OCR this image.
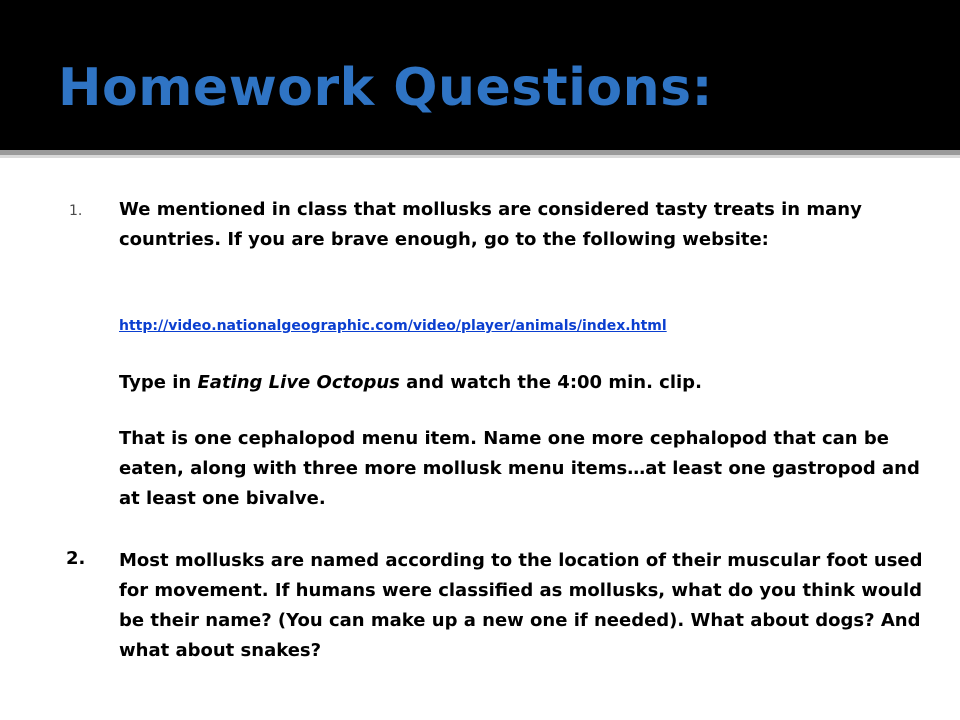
Homework Questions:
1. We mentioned in class that mollusks are considered tasty treats in many countries. If you are brave enough, go to the following website:

http://video.nationalgeographic.com/video/player/animals/index.html

Type in Eating Live Octopus and watch the 4:00 min. clip.

That is one cephalopod menu item. Name one more cephalopod that can be eaten, along with three more mollusk menu items…at least one gastropod and at least one bivalve.

2. Most mollusks are named according to the location of their muscular foot used for movement. If humans were classified as mollusks, what do you think would be their name? (You can make up a new one if needed). What about dogs? And what about snakes?
